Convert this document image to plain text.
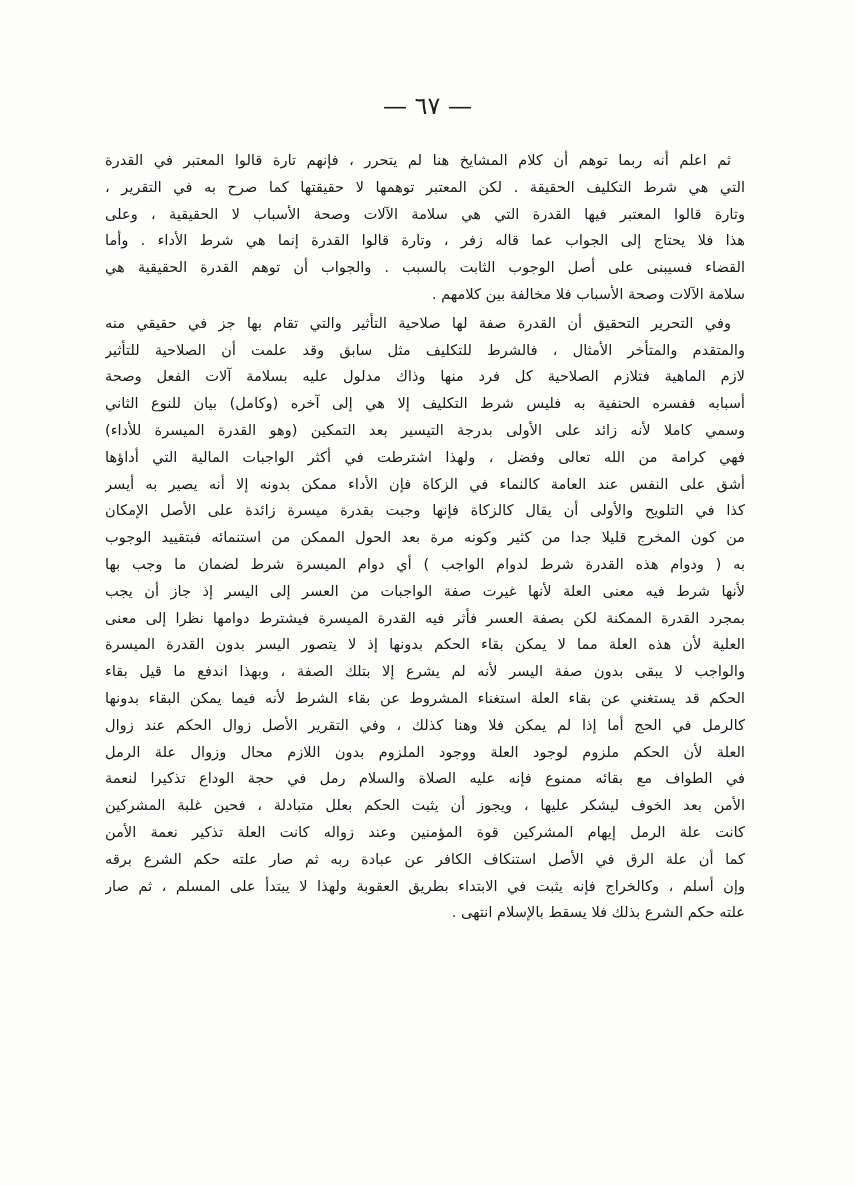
— ٦٧ —
ثم اعلم أنه ربما توهم أن كلام المشايخ هنا لم يتحرر ، فإنهم تارة قالوا المعتبر في القدرة
التي هي شرط التكليف الحقيقة . لكن المعتبر توهمها لا حقيقتها كما صرح به في التقرير ،
وتارة قالوا المعتبر فيها القدرة التي هي سلامة الآلات وصحة الأسباب لا الحقيقية ، وعلى
هذا فلا يحتاج إلى الجواب عما قاله زفر ، وتارة قالوا القدرة إنما هي شرط الأداء . وأما
القضاء فسيبنى على أصل الوجوب الثابت بالسبب . والجواب أن توهم القدرة الحقيقية هي
سلامة الآلات وصحة الأسباب فلا مخالفة بين كلامهم .
وفي التحرير التحقيق أن القدرة صفة لها صلاحية التأثير والتي تقام بها جز في حقيقي منه
والمتقدم والمتأخر الأمثال ، فالشرط للتكليف مثل سابق وقد علمت أن الصلاحية للتأثير
لازم الماهية فتلازم الصلاحية كل فرد منها وذاك مدلول عليه بسلامة آلات الفعل وصحة
أسبابه ففسره الحنفية به فليس شرط التكليف إلا هي إلى آخره (وكامل) بيان للنوع الثاني
وسمي كاملا لأنه زائد على الأولى بدرجة التيسير بعد التمكين (وهو القدرة الميسرة للأداء)
فهي كرامة من الله تعالى وفضل ، ولهذا اشترطت في أكثر الواجبات المالية التي أداؤها
أشق على النفس عند العامة كالنماء في الزكاة فإن الأداء ممكن بدونه إلا أنه يصير به أيسر
كذا في التلويح والأولى أن يقال كالزكاة فإنها وجبت بقدرة ميسرة زائدة على الأصل الإمكان
من كون المخرج قليلا جدا من كثير وكونه مرة بعد الحول الممكن من استنمائه فبتقييد الوجوب
به ( ودوام هذه القدرة شرط لدوام الواجب ) أي دوام الميسرة شرط لضمان ما وجب بها
لأنها شرط فيه معنى العلة لأنها غيرت صفة الواجبات من العسر إلى اليسر إذ جاز أن يجب
بمجرد القدرة الممكنة لكن بصفة العسر فأثر فيه القدرة الميسرة فيشترط دوامها نظرا إلى معنى
العلية لأن هذه العلة مما لا يمكن بقاء الحكم بدونها إذ لا يتصور اليسر بدون القدرة الميسرة
والواجب لا يبقى بدون صفة اليسر لأنه لم يشرع إلا بتلك الصفة ، وبهذا اندفع ما قيل بقاء
الحكم قد يستغني عن بقاء العلة استغناء المشروط عن بقاء الشرط لأنه فيما يمكن البقاء بدونها
كالرمل في الحج أما إذا لم يمكن فلا وهنا كذلك ، وفي التقرير الأصل زوال الحكم عند زوال
العلة لأن الحكم ملزوم لوجود العلة ووجود الملزوم بدون اللازم محال وزوال علة الرمل
في الطواف مع بقائه ممنوع فإنه عليه الصلاة والسلام رمل في حجة الوداع تذكيرا لنعمة
الأمن بعد الخوف ليشكر عليها ، ويجوز أن يثبت الحكم بعلل متبادلة ، فحين غلبة المشركين
كانت علة الرمل إيهام المشركين قوة المؤمنين وعند زواله كانت العلة تذكير نعمة الأمن
كما أن علة الرق في الأصل استنكاف الكافر عن عبادة ربه ثم صار علته حكم الشرع برقه
وإن أسلم ، وكالخراج فإنه يثبت في الابتداء بطريق العقوبة ولهذا لا يبتدأ على المسلم ، ثم صار
علته حكم الشرع بذلك فلا يسقط بالإسلام انتهى .
